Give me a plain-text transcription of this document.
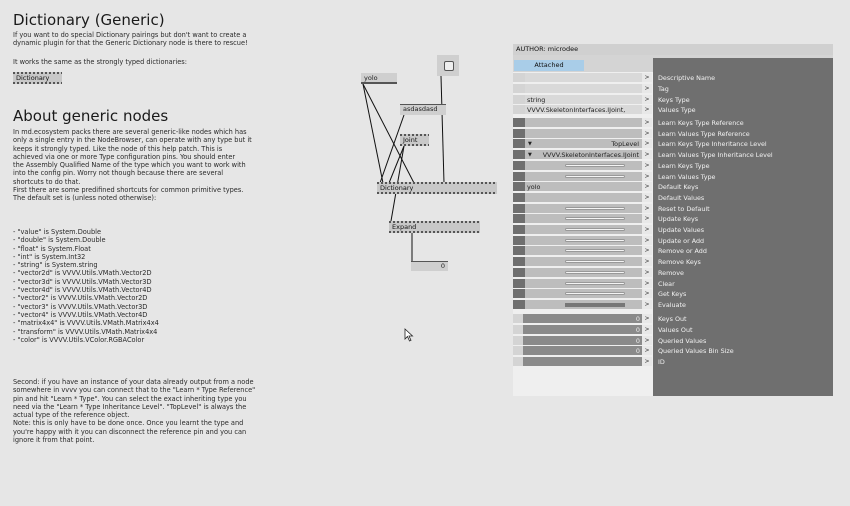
Dictionary (Generic)
If you want to do special Dictionary pairings but don't want to create a
dynamic plugin for that the Generic Dictionary node is there to rescue!
It works the same as the strongly typed dictionaries:
Dictionary
About generic nodes
In md.ecosystem packs there are several generic-like nodes which has
only a single entry in the NodeBrowser, can operate with any type but it
keeps it strongly typed. Like the node of this help patch. This is
achieved via one or more Type configuration pins. You should enter
the Assembly Qualified Name of the type which you want to work with
into the config pin. Worry not though because there are several
shortcuts to do that.
First there are some predifined shortcuts for common primitive types.
The default set is (unless noted otherwise):
- "value" is System.Double
- "double" is System.Double
- "float" is System.Float
- "int" is System.Int32
- "string" is System.string
- "vector2d" is VVVV.Utils.VMath.Vector2D
- "vector3d" is VVVV.Utils.VMath.Vector3D
- "vector4d" is VVVV.Utils.VMath.Vector4D
- "vector2" is VVVV.Utils.VMath.Vector2D
- "vector3" is VVVV.Utils.VMath.Vector3D
- "vector4" is VVVV.Utils.VMath.Vector4D
- "matrix4x4" is VVVV.Utils.VMath.Matrix4x4
- "transform" is VVVV.Utils.VMath.Matrix4x4
- "color" is VVVV.Utils.VColor.RGBAColor
Second: if you have an instance of your data already output from a node
somewhere in vvvv you can connect that to the "Learn * Type Reference"
pin and hit "Learn * Type". You can select the exact inheriting type you
need via the "Learn * Type Inheritance Level". "TopLevel" is always the
actual type of the reference object.
Note: this is only have to be done once. Once you learnt the type and
you're happy with it you can disconnect the reference pin and you can
ignore it from that point.
yolo
asdasdasd
Joint
Dictionary
Expand
0
AUTHOR: microdee
Attached
>	Descriptive Name
>	Tag
string	>	Keys Type
VVVV.SkeletonInterfaces.IJoint,	>	Values Type
>	Learn Keys Type Reference
>	Learn Values Type Reference
▼	TopLevel >	Learn Keys Type Inheritance Level
▼ VVVV.SkeletonInterfaces.IJoint >	Learn Values Type Inheritance Level
>	Learn Keys Type
>	Learn Values Type
yolo	>	Default Keys
>	Default Values
>	Reset to Default
>	Update Keys
>	Update Values
>	Update or Add
>	Remove or Add
>	Remove Keys
>	Remove
>	Clear
>	Get Keys
>	Evaluate
0 >	Keys Out
0 >	Values Out
0 >	Queried Values
0 >	Queried Values Bin Size
>	ID
